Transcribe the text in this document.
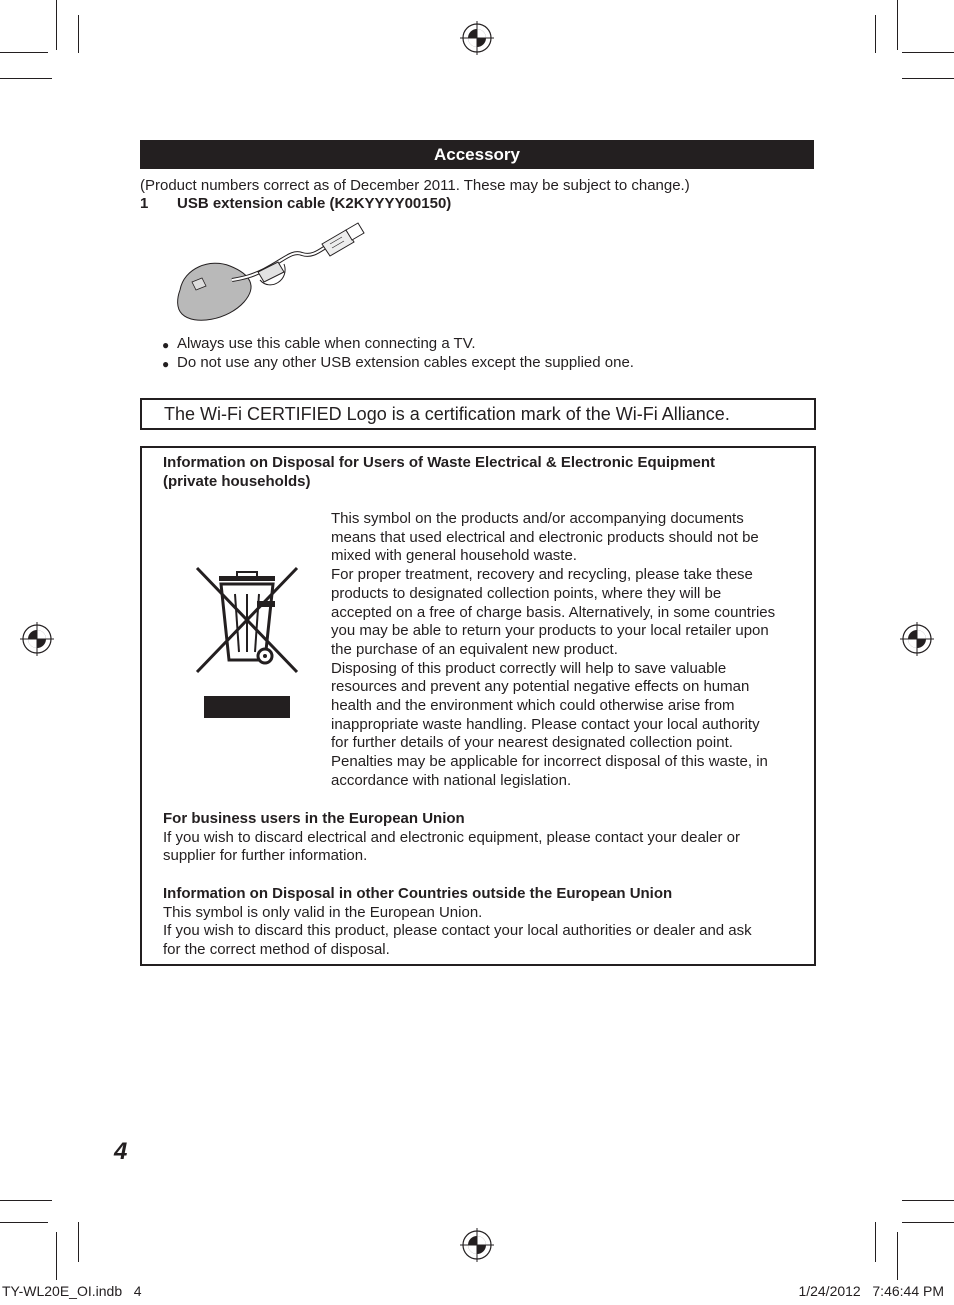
Accessory
(Product numbers correct as of December 2011. These may be subject to change.)
1 USB extension cable (K2KYYYY00150)
● Always use this cable when connecting a TV.
● Do not use any other USB extension cables except the supplied one.
The Wi-Fi CERTIFIED Logo is a certification mark of the Wi-Fi Alliance.
Information on Disposal for Users of Waste Electrical & Electronic Equipment
(private households)
This symbol on the products and/or accompanying documents
means that used electrical and electronic products should not be
mixed with general household waste.
For proper treatment, recovery and recycling, please take these
products to designated collection points, where they will be
accepted on a free of charge basis. Alternatively, in some countries
you may be able to return your products to your local retailer upon
the purchase of an equivalent new product.
Disposing of this product correctly will help to save valuable
resources and prevent any potential negative effects on human
health and the environment which could otherwise arise from
inappropriate waste handling. Please contact your local authority
for further details of your nearest designated collection point.
Penalties may be applicable for incorrect disposal of this waste, in
accordance with national legislation.
For business users in the European Union
If you wish to discard electrical and electronic equipment, please contact your dealer or
supplier for further information.
Information on Disposal in other Countries outside the European Union
This symbol is only valid in the European Union.
If you wish to discard this product, please contact your local authorities or dealer and ask
for the correct method of disposal.
4
TY-WL20E_OI.indb   4	1/24/2012   7:46:44 PM
